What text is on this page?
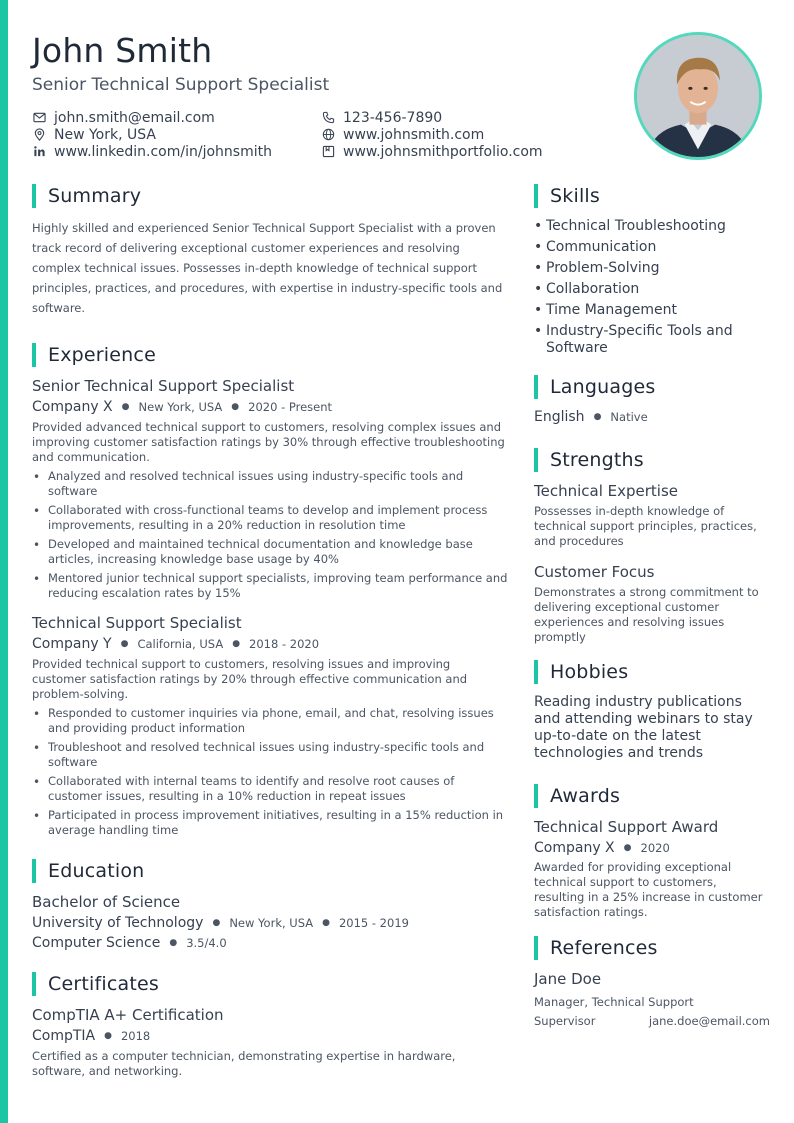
John Smith
Senior Technical Support Specialist
john.smith@email.com	123-456-7890
New York, USA	www.johnsmith.com
www.linkedin.com/in/johnsmith	www.johnsmithportfolio.com
Summary

Highly skilled and experienced Senior Technical Support Specialist with a proven track record of delivering exceptional customer experiences and resolving complex technical issues. Possesses in-depth knowledge of technical support principles, practices, and procedures, with expertise in industry-specific tools and software.

Experience
Senior Technical Support Specialist
Company X ● New York, USA ● 2020 - Present

Provided advanced technical support to customers, resolving complex issues and improving customer satisfaction ratings by 30% through effective troubleshooting and communication.

• Analyzed and resolved technical issues using industry-specific tools and software
• Collaborated with cross-functional teams to develop and implement process improvements, resulting in a 20% reduction in resolution time
• Developed and maintained technical documentation and knowledge base articles, increasing knowledge base usage by 40%
• Mentored junior technical support specialists, improving team performance and reducing escalation rates by 15%
Technical Support Specialist
Company Y ● California, USA ● 2018 - 2020

Provided technical support to customers, resolving issues and improving customer satisfaction ratings by 20% through effective communication and problem-solving.

• Responded to customer inquiries via phone, email, and chat, resolving issues and providing product information
• Troubleshoot and resolved technical issues using industry-specific tools and software
• Collaborated with internal teams to identify and resolve root causes of customer issues, resulting in a 10% reduction in repeat issues
• Participated in process improvement initiatives, resulting in a 15% reduction in average handling time
Education
Bachelor of Science
University of Technology ● New York, USA ● 2015 - 2019
Computer Science ● 3.5/4.0
Certificates
CompTIA A+ Certification
CompTIA ● 2018

Certified as a computer technician, demonstrating expertise in hardware, software, and networking.

Skills
• Technical Troubleshooting
• Communication
• Problem-Solving
• Collaboration
• Time Management
• Industry-Specific Tools and Software
Languages
English ● Native
Strengths
Technical Expertise

Possesses in-depth knowledge of technical support principles, practices, and procedures

Customer Focus

Demonstrates a strong commitment to delivering exceptional customer experiences and resolving issues promptly

Hobbies

Reading industry publications and attending webinars to stay up-to-date on the latest technologies and trends

Awards
Technical Support Award
Company X ● 2020

Awarded for providing exceptional technical support to customers, resulting in a 25% increase in customer satisfaction ratings.

References
Jane Doe
Manager, Technical Support
Supervisor	jane.doe@email.com
